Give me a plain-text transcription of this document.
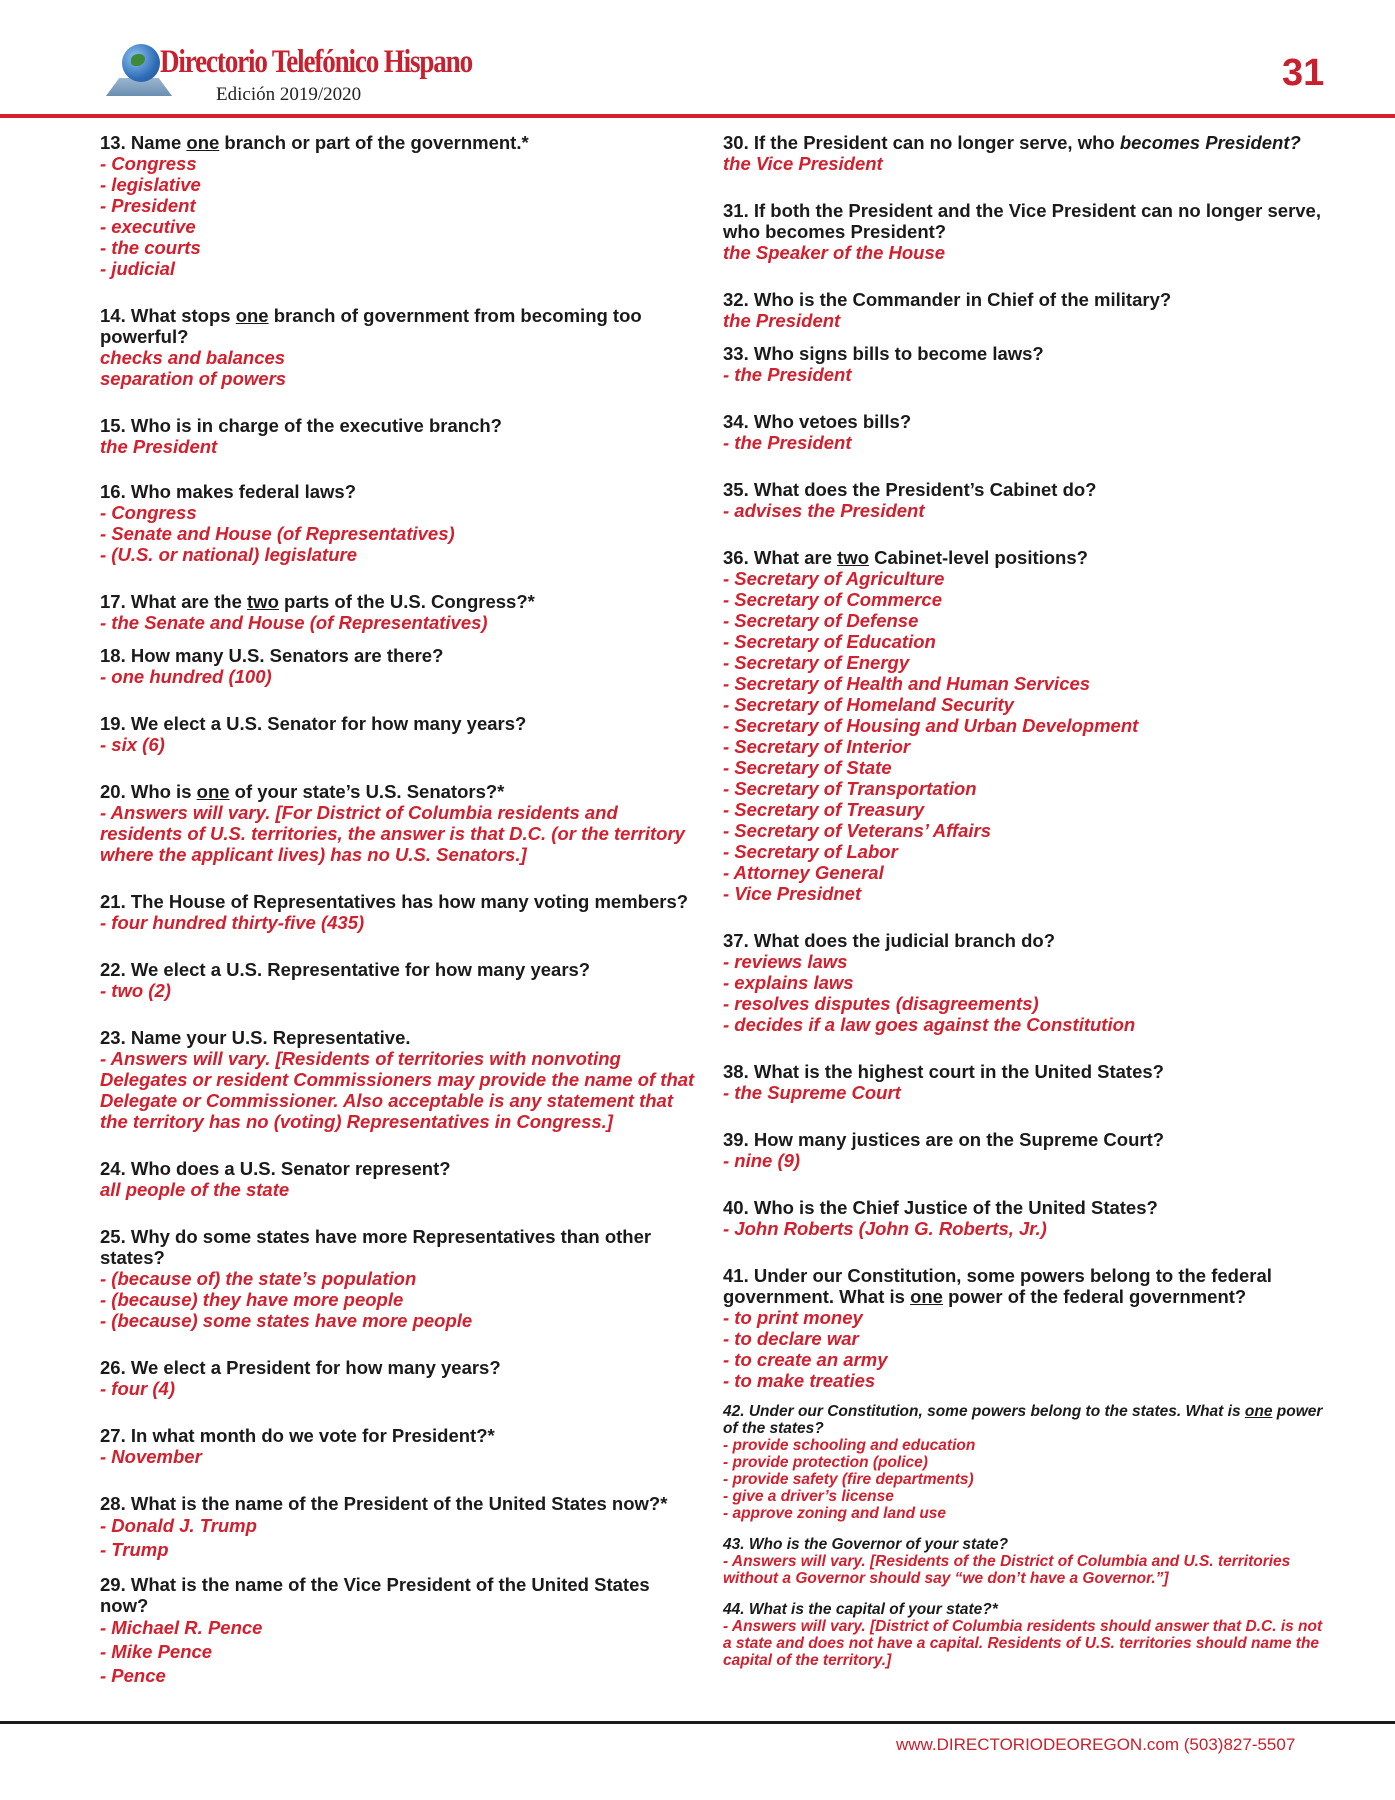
Directorio Telefónico Hispano
Edición 2019/2020
31

13. Name one branch or part of the government.*

- Congress

- legislative

- President

- executive

- the courts

- judicial

14. What stops one branch of government from becoming too powerful?

checks and balances

separation of powers

15. Who is in charge of the executive branch?

the President

16. Who makes federal laws?

- Congress

- Senate and House (of Representatives)

- (U.S. or national) legislature

17. What are the two parts of the U.S. Congress?*

- the Senate and House (of Representatives)

18. How many U.S. Senators are there?

- one hundred (100)

19. We elect a U.S. Senator for how many years?

- six (6)

20. Who is one of your state’s U.S. Senators?*

- Answers will vary. [For District of Columbia residents and residents of U.S. territories, the answer is that D.C. (or the territory where the applicant lives) has no U.S. Senators.]

21. The House of Representatives has how many voting members?

- four hundred thirty-five (435)

22. We elect a U.S. Representative for how many years?

- two (2)

23. Name your U.S. Representative.

- Answers will vary. [Residents of territories with nonvoting Delegates or resident Commissioners may provide the name of that Delegate or Commissioner. Also acceptable is any statement that the territory has no (voting) Representatives in Congress.]

24. Who does a U.S. Senator represent?

all people of the state

25. Why do some states have more Representatives than other states?

- (because of) the state’s population

- (because) they have more people

- (because) some states have more people

26. We elect a President for how many years?

- four (4)

27. In what month do we vote for President?*

- November

28. What is the name of the President of the United States now?*

- Donald J. Trump

- Trump

29. What is the name of the Vice President of the United States now?

- Michael R. Pence

- Mike Pence

- Pence

30. If the President can no longer serve, who becomes President?

the Vice President

31. If both the President and the Vice President can no longer serve, who becomes President?

the Speaker of the House

32. Who is the Commander in Chief of the military?

the President

33. Who signs bills to become laws?

- the President

34. Who vetoes bills?

- the President

35. What does the President’s Cabinet do?

- advises the President

36. What are two Cabinet-level positions?

- Secretary of Agriculture

- Secretary of Commerce

- Secretary of Defense

- Secretary of Education

- Secretary of Energy

- Secretary of Health and Human Services

- Secretary of Homeland Security

- Secretary of Housing and Urban Development

- Secretary of Interior

- Secretary of State

- Secretary of Transportation

- Secretary of Treasury

- Secretary of Veterans’ Affairs

- Secretary of Labor

- Attorney General

- Vice Presidnet

37. What does the judicial branch do?

- reviews laws

- explains laws

- resolves disputes (disagreements)

- decides if a law goes against the Constitution

38. What is the highest court in the United States?

- the Supreme Court

39. How many justices are on the Supreme Court?

- nine (9)

40. Who is the Chief Justice of the United States?

- John Roberts (John G. Roberts, Jr.)

41. Under our Constitution, some powers belong to the federal government. What is one power of the federal government?

- to print money

- to declare war

- to create an army

- to make treaties

42. Under our Constitution, some powers belong to the states. What is one power of the states?

- provide schooling and education

- provide protection (police)

- provide safety (fire departments)

- give a driver’s license

- approve zoning and land use

43. Who is the Governor of your state?

- Answers will vary. [Residents of the District of Columbia and U.S. territories without a Governor should say “we don’t have a Governor.”]

44. What is the capital of your state?*

- Answers will vary. [District of Columbia residents should answer that D.C. is not a state and does not have a capital. Residents of U.S. territories should name the capital of the territory.]

www.DIRECTORIODEOREGON.com (503)827-5507
